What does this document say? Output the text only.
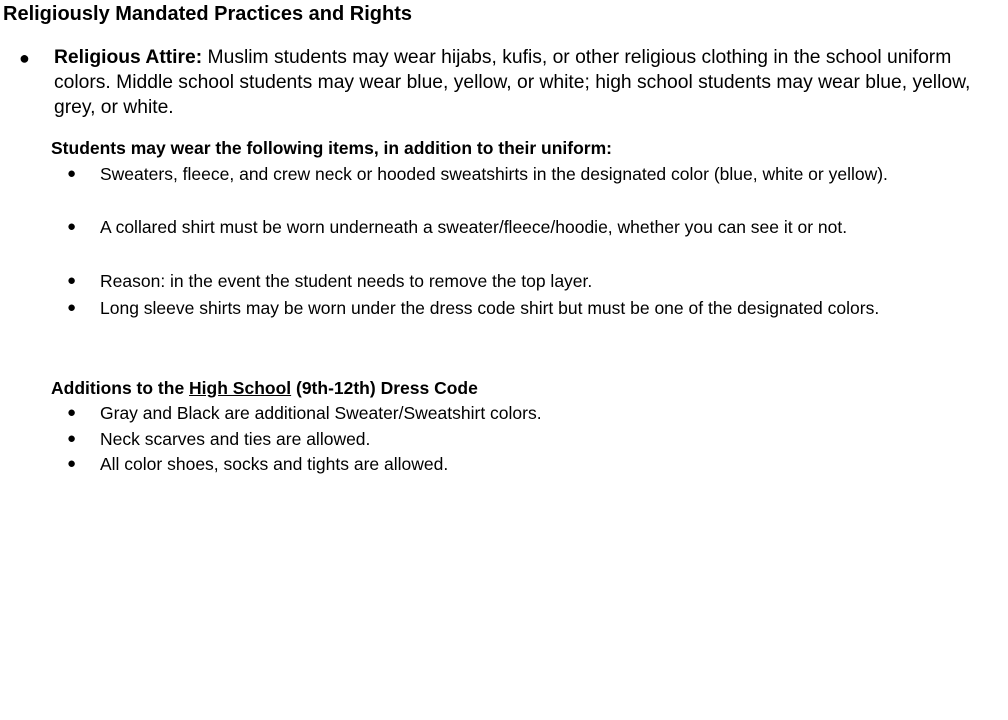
Religiously Mandated Practices and Rights
● Religious Attire: Muslim students may wear hijabs, kufis, or other religious clothing in the school uniform colors. Middle school students may wear blue, yellow, or white; high school students may wear blue, yellow, grey, or white.
Students may wear the following items, in addition to their uniform:
● Sweaters, fleece, and crew neck or hooded sweatshirts in the designated color (blue, white or yellow).
● A collared shirt must be worn underneath a sweater/fleece/hoodie, whether you can see it or not.
● Reason: in the event the student needs to remove the top layer.
● Long sleeve shirts may be worn under the dress code shirt but must be one of the designated colors.
Additions to the High School (9th-12th) Dress Code
● Gray and Black are additional Sweater/Sweatshirt colors.
● Neck scarves and ties are allowed.
● All color shoes, socks and tights are allowed.
